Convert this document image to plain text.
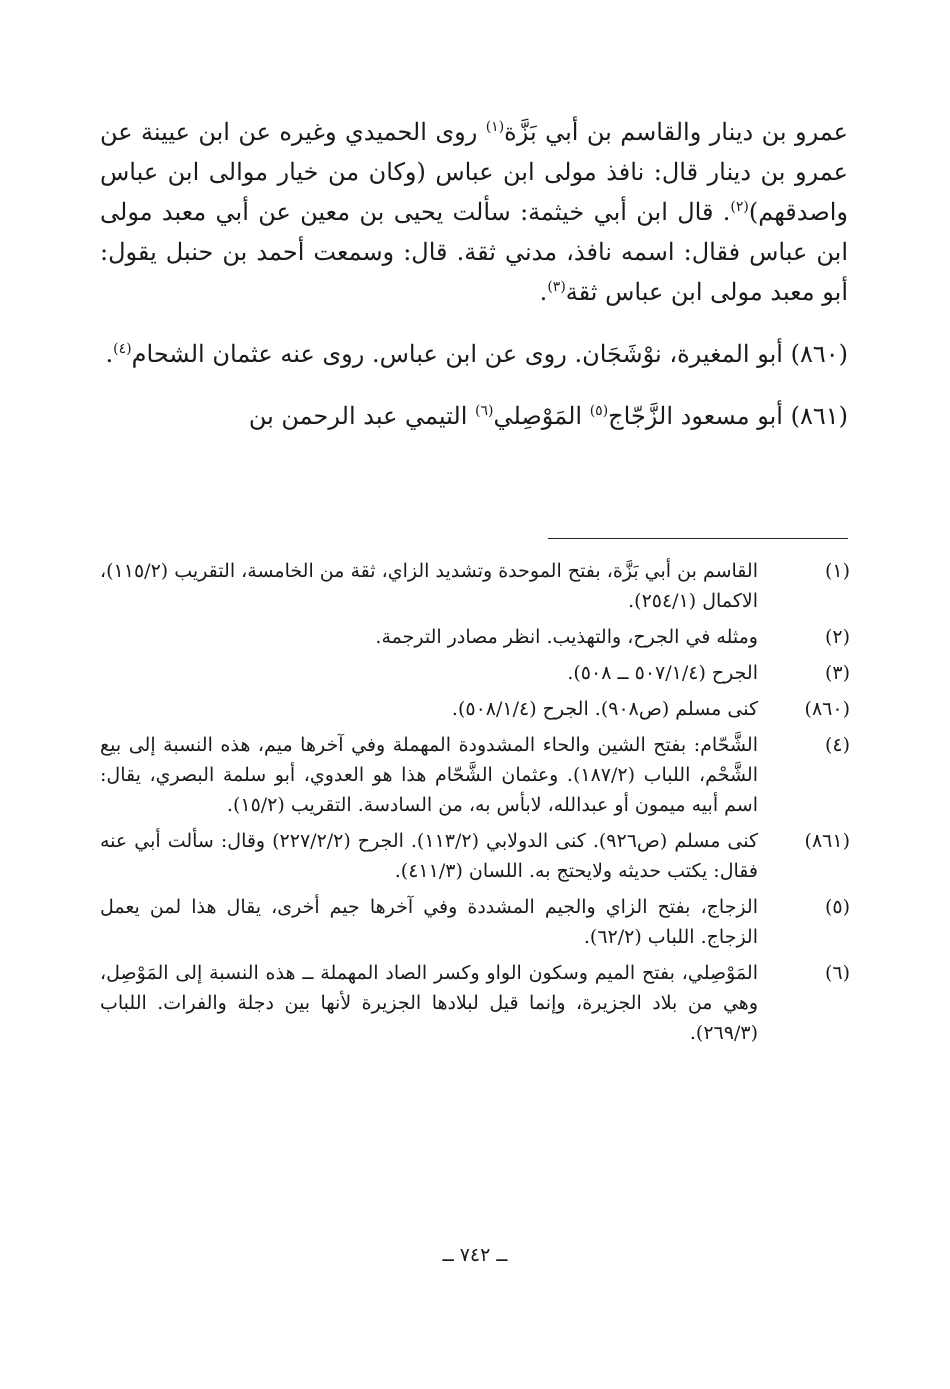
عمرو بن دينار والقاسم بن أبي بَزَّة$^{(١)}$ روى الحميدي وغيره عن ابن عيينة عن عمرو بن دينار قال: نافذ مولى ابن عباس (وكان من خيار موالى ابن عباس واصدقهم)$^{(٢)}$. قال ابن أبي خيثمة: سألت يحيى بن معين عن أبي معبد مولى ابن عباس فقال: اسمه نافذ، مدني ثقة. قال: وسمعت أحمد بن حنبل يقول: أبو معبد مولى ابن عباس ثقة$^{(٣)}$.

(٨٦٠) أبو المغيرة، نوْشَجَان. روى عن ابن عباس. روى عنه عثمان الشحام$^{(٤)}$.

(٨٦١) أبو مسعود الزَّجّاج$^{(٥)}$ المَوْصِلي$^{(٦)}$ التيمي عبد الرحمن بن

(١)
القاسم بن أبي بَزَّة، بفتح الموحدة وتشديد الزاي، ثقة من الخامسة، التقريب (١١٥/٢)، الاكمال (٢٥٤/١).
(٢)
ومثله في الجرح، والتهذيب. انظر مصادر الترجمة.
(٣)
الجرح (٥٠٧/١/٤ ــ ٥٠٨).
(٨٦٠)
كنى مسلم (ص٩٠٨). الجرح (٥٠٨/١/٤).
(٤)
الشَّحّام: بفتح الشين والحاء المشدودة المهملة وفي آخرها ميم، هذه النسبة إلى بيع الشَّحْم، اللباب (١٨٧/٢). وعثمان الشَّحّام هذا هو العدوي، أبو سلمة البصري، يقال: اسم أبيه ميمون أو عبدالله، لابأس به، من السادسة. التقريب (١٥/٢).
(٨٦١)
كنى مسلم (ص٩٢٦). كنى الدولابي (١١٣/٢). الجرح (٢٢٧/٢/٢) وقال: سألت أبي عنه فقال: يكتب حديثه ولايحتج به. اللسان (٤١١/٣).
(٥)
الزجاج، بفتح الزاي والجيم المشددة وفي آخرها جيم أخرى، يقال هذا لمن يعمل الزجاج. اللباب (٦٢/٢).
(٦)
المَوْصِلي، بفتح الميم وسكون الواو وكسر الصاد المهملة ــ هذه النسبة إلى المَوْصِل، وهي من بلاد الجزيرة، وإنما قيل لبلادها الجزيرة لأنها بين دجلة والفرات. اللباب (٢٦٩/٣).
ــ ٧٤٢ ــ
